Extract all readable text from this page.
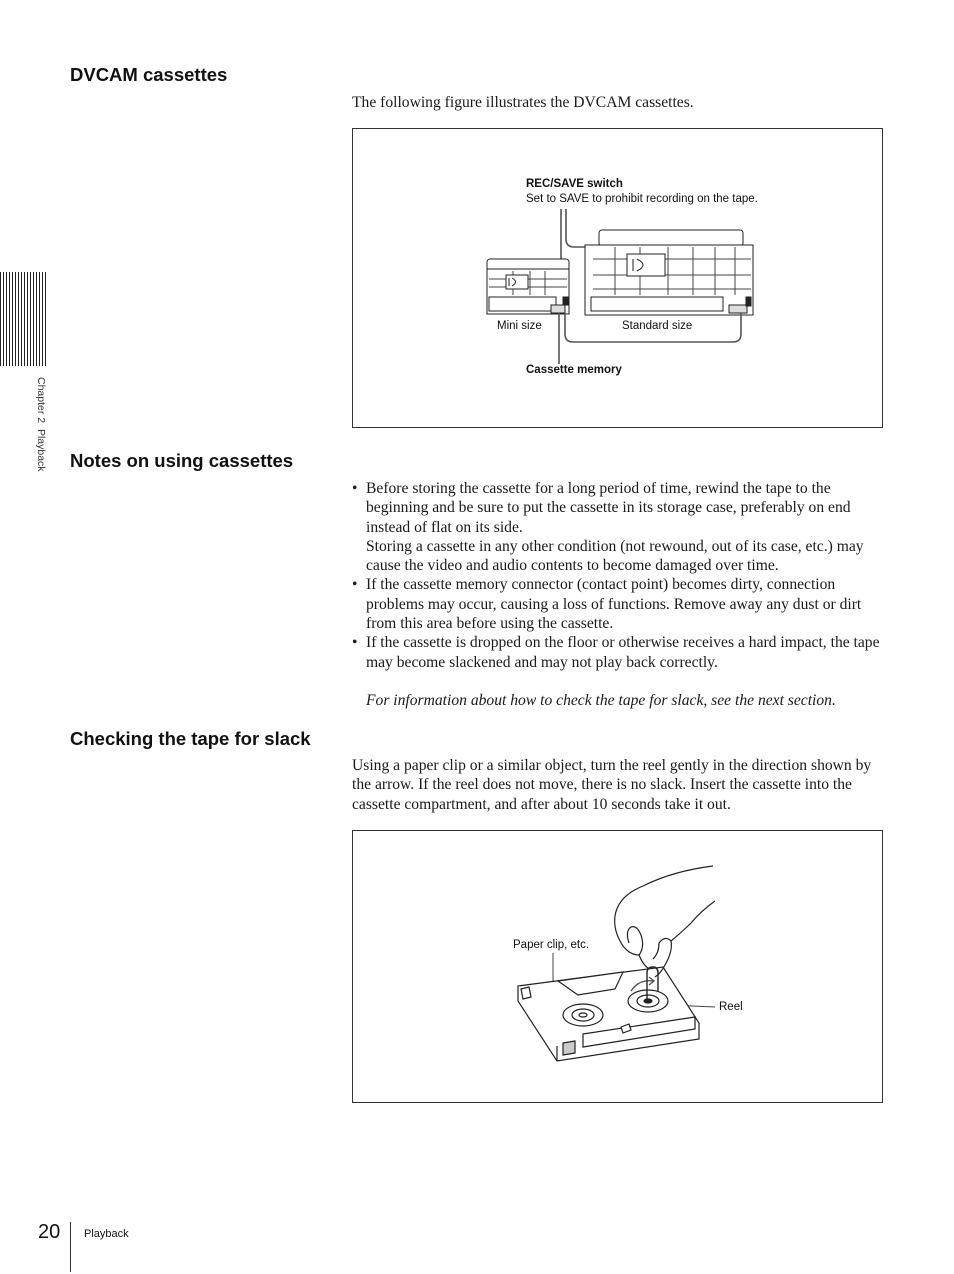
Chapter 2  Playback
DVCAM cassettes
The following figure illustrates the DVCAM cassettes.
REC/SAVE switch
Set to SAVE to prohibit recording on the tape.
Mini size	Standard size
Cassette memory
Notes on using cassettes
• Before storing the cassette for a long period of time, rewind the tape to the beginning and be sure to put the cassette in its storage case, preferably on end instead of flat on its side.
Storing a cassette in any other condition (not rewound, out of its case, etc.) may cause the video and audio contents to become damaged over time.
• If the cassette memory connector (contact point) becomes dirty, connection problems may occur, causing a loss of functions. Remove away any dust or dirt from this area before using the cassette.
• If the cassette is dropped on the floor or otherwise receives a hard impact, the tape may become slackened and may not play back correctly.
For information about how to check the tape for slack, see the next section.
Checking the tape for slack
Using a paper clip or a similar object, turn the reel gently in the direction shown by the arrow. If the reel does not move, there is no slack. Insert the cassette into the cassette compartment, and after about 10 seconds take it out.
Paper clip, etc.
Reel
20 Playback
